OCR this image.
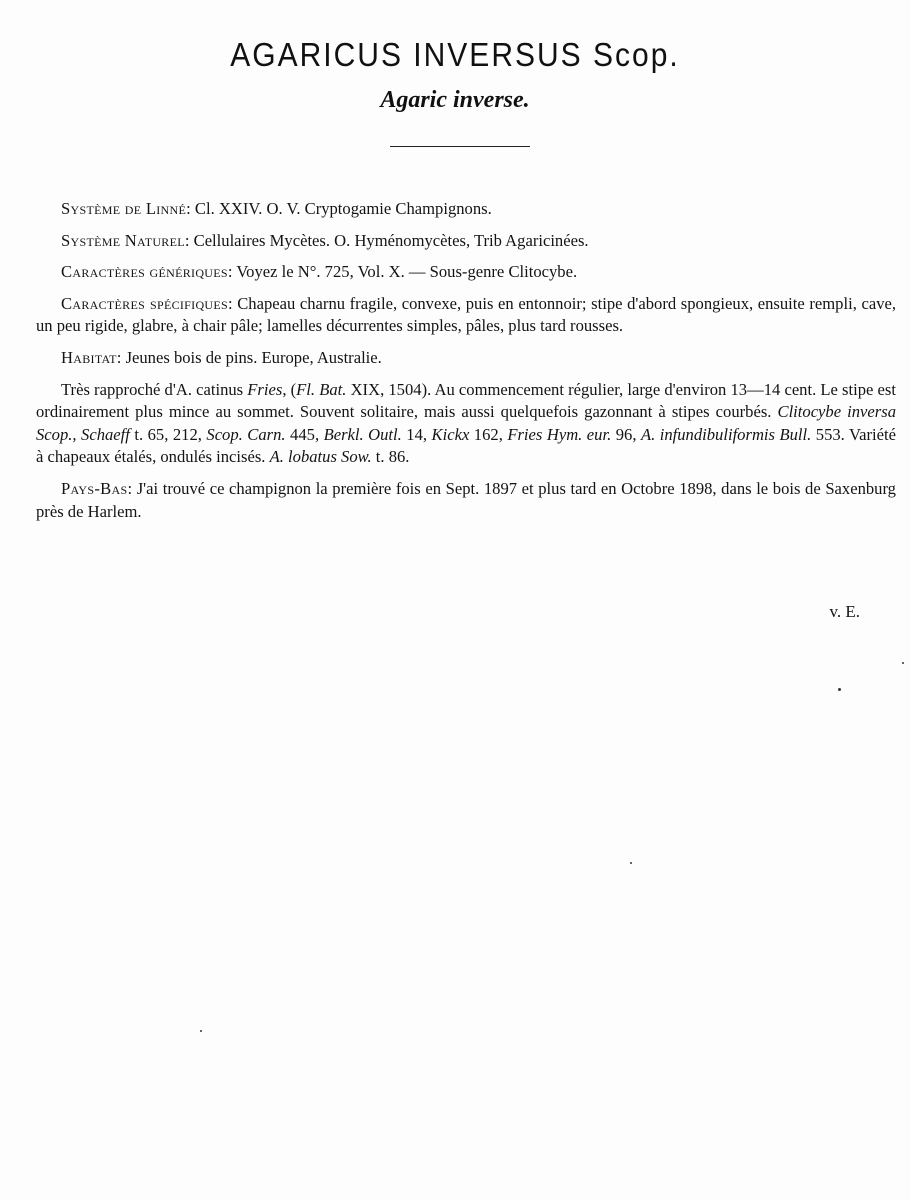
AGARICUS INVERSUS Scop.
Agaric inverse.

Système de Linné: Cl. XXIV. O. V. Cryptogamie Champignons.

Système Naturel: Cellulaires Mycètes. O. Hyménomycètes, Trib Agaricinées.

Caractères génériques: Voyez le N°. 725, Vol. X. — Sous-genre Clitocybe.

Caractères spécifiques: Chapeau charnu fragile, convexe, puis en entonnoir; stipe d'abord spongieux, ensuite rempli, cave, un peu rigide, glabre, à chair pâle; lamelles décurrentes simples, pâles, plus tard rousses.

Habitat: Jeunes bois de pins. Europe, Australie.

Très rapproché d'A. catinus Fries, (Fl. Bat. XIX, 1504). Au commencement régulier, large d'environ 13—14 cent. Le stipe est ordinairement plus mince au sommet. Souvent solitaire, mais aussi quelquefois gazonnant à stipes courbés. Clitocybe inversa Scop., Schaeff t. 65, 212, Scop. Carn. 445, Berkl. Outl. 14, Kickx 162, Fries Hym. eur. 96, A. infundibuliformis Bull. 553. Variété à chapeaux étalés, ondulés incisés. A. lobatus Sow. t. 86.

Pays-Bas: J'ai trouvé ce champignon la première fois en Sept. 1897 et plus tard en Octobre 1898, dans le bois de Saxenburg près de Harlem.

v. E.
